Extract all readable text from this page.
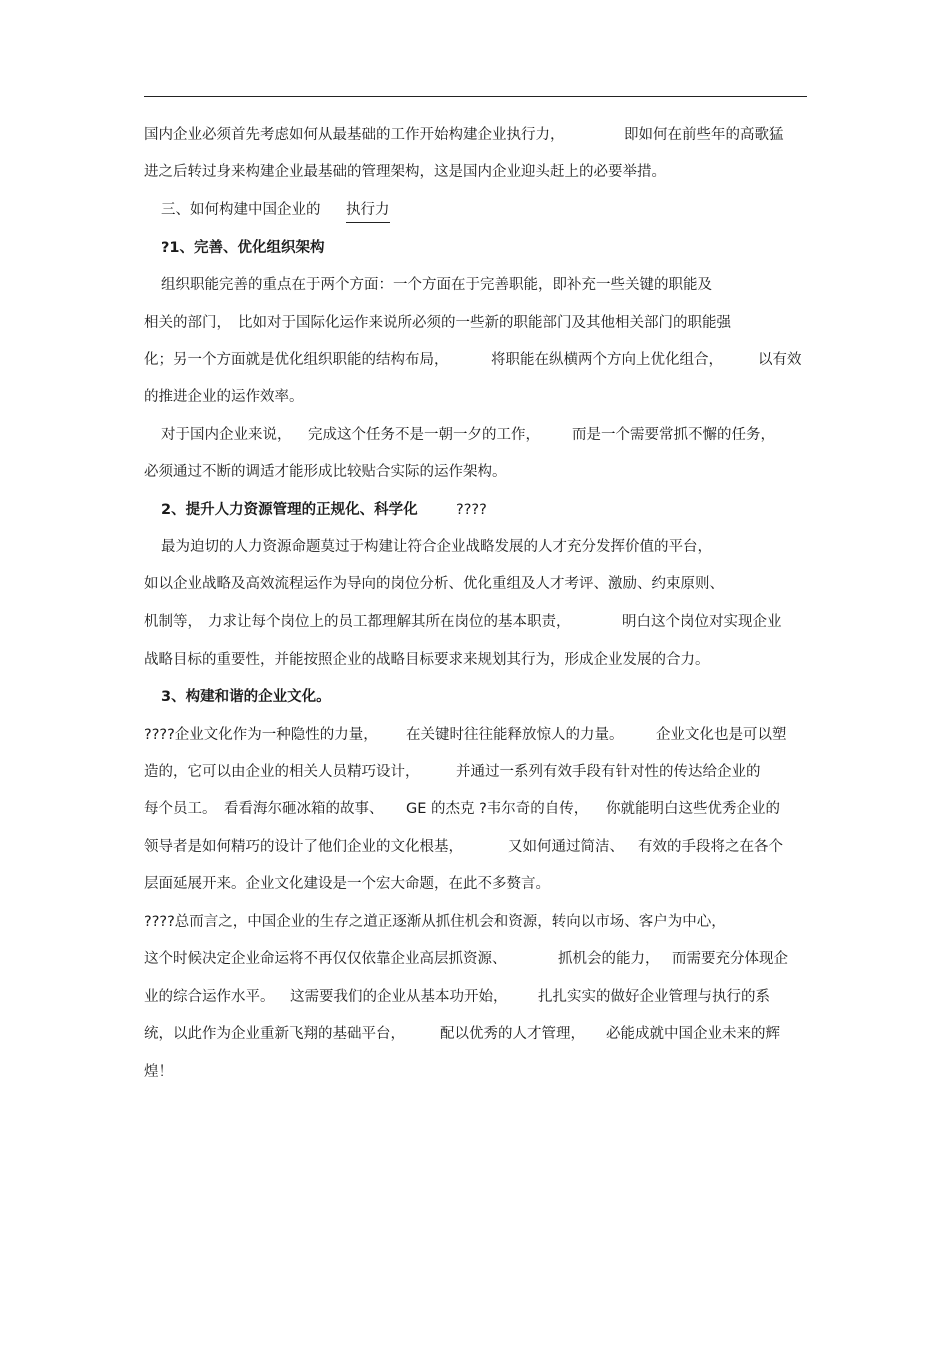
国内企业必须首先考虑如何从最基础的工作开始构建企业执行力，	即如何在前些年的高歌猛
进之后转过身来构建企业最基础的管理架构，这是国内企业迎头赶上的必要举措。
三、如何构建中国企业的 执行力
?1、完善、优化组织架构
组织职能完善的重点在于两个方面：一个方面在于完善职能，即补充一些关键的职能及
相关的部门， 比如对于国际化运作来说所必须的一些新的职能部门及其他相关部门的职能强
化；另一个方面就是优化组织职能的结构布局，	将职能在纵横两个方向上优化组合， 以有效
的推进企业的运作效率。
对于国内企业来说， 完成这个任务不是一朝一夕的工作， 而是一个需要常抓不懈的任务，
必须通过不断的调适才能形成比较贴合实际的运作架构。
2、提升人力资源管理的正规化、科学化	????
最为迫切的人力资源命题莫过于构建让符合企业战略发展的人才充分发挥价值的平台，
如以企业战略及高效流程运作为导向的岗位分析、优化重组及人才考评、激励、约束原则、
机制等， 力求让每个岗位上的员工都理解其所在岗位的基本职责，	明白这个岗位对实现企业
战略目标的重要性，并能按照企业的战略目标要求来规划其行为，形成企业发展的合力。
3、构建和谐的企业文化。
????企业文化作为一种隐性的力量， 在关键时往往能释放惊人的力量。 企业文化也是可以塑
造的，它可以由企业的相关人员精巧设计，	并通过一系列有效手段有针对性的传达给企业的
每个员工。 看看海尔砸冰箱的故事、 GE 的杰克 ?韦尔奇的自传， 你就能明白这些优秀企业的
领导者是如何精巧的设计了他们企业的文化根基，	又如何通过简洁、 有效的手段将之在各个
层面延展开来。企业文化建设是一个宏大命题，在此不多赘言。
????总而言之，中国企业的生存之道正逐渐从抓住机会和资源，转向以市场、客户为中心，
这个时候决定企业命运将不再仅仅依靠企业高层抓资源、	抓机会的能力， 而需要充分体现企
业的综合运作水平。 这需要我们的企业从基本功开始， 扎扎实实的做好企业管理与执行的系
统，以此作为企业重新飞翔的基础平台， 配以优秀的人才管理， 必能成就中国企业未来的辉
煌！
